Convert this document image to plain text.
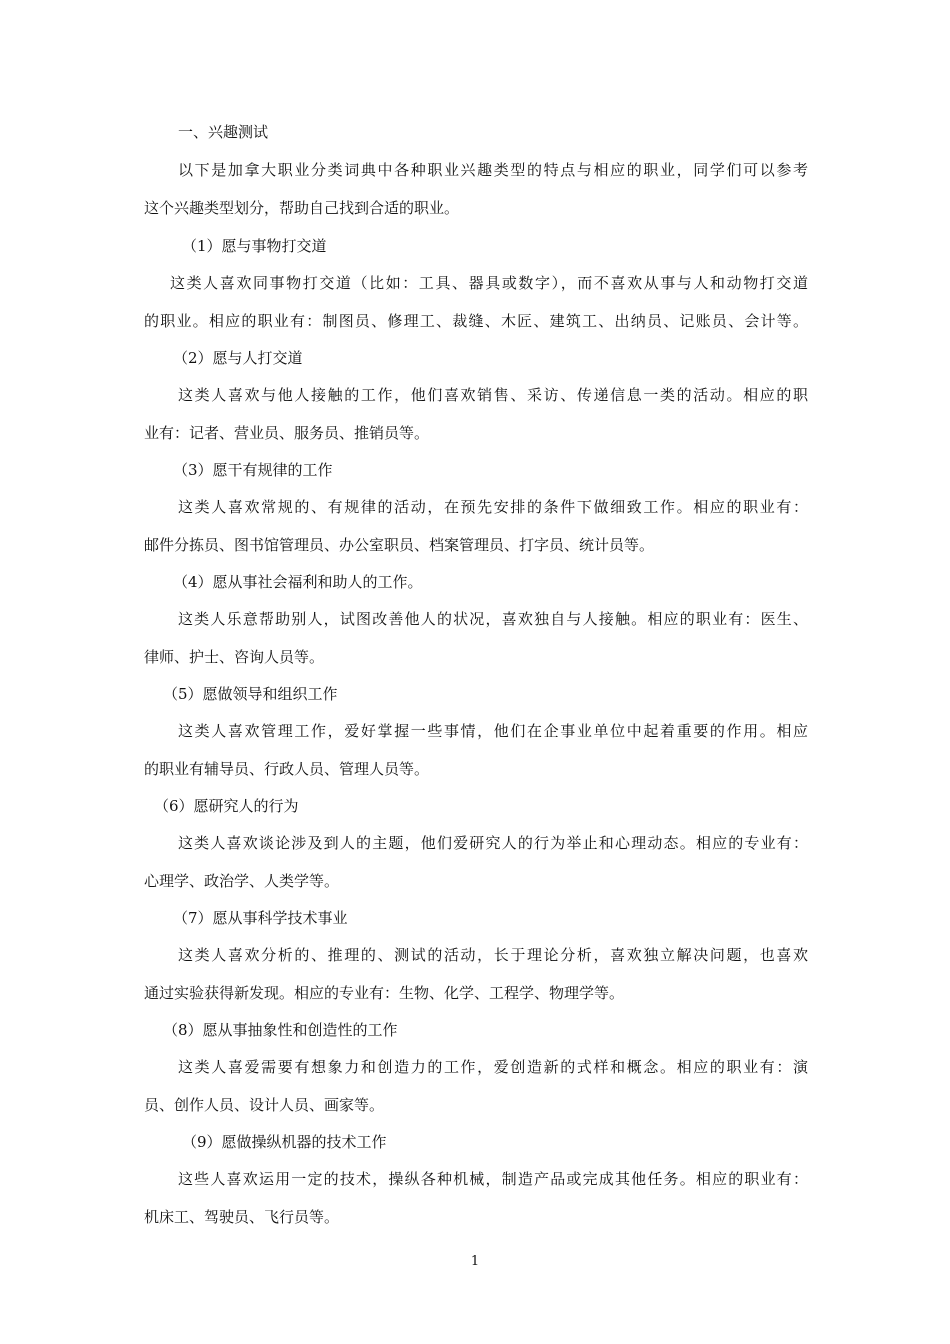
一、兴趣测试
以下是加拿大职业分类词典中各种职业兴趣类型的特点与相应的职业，同学们可以参考
这个兴趣类型划分，帮助自己找到合适的职业。
（1）愿与事物打交道
这类人喜欢同事物打交道（比如：工具、器具或数字），而不喜欢从事与人和动物打交道
的职业。相应的职业有：制图员、修理工、裁缝、木匠、建筑工、出纳员、记账员、会计等。
（2）愿与人打交道
这类人喜欢与他人接触的工作，他们喜欢销售、采访、传递信息一类的活动。相应的职
业有：记者、营业员、服务员、推销员等。
（3）愿干有规律的工作
这类人喜欢常规的、有规律的活动，在预先安排的条件下做细致工作。相应的职业有：
邮件分拣员、图书馆管理员、办公室职员、档案管理员、打字员、统计员等。
（4）愿从事社会福利和助人的工作。
这类人乐意帮助别人，试图改善他人的状况，喜欢独自与人接触。相应的职业有：医生、
律师、护士、咨询人员等。
（5）愿做领导和组织工作
这类人喜欢管理工作，爱好掌握一些事情，他们在企事业单位中起着重要的作用。相应
的职业有辅导员、行政人员、管理人员等。
（6）愿研究人的行为
这类人喜欢谈论涉及到人的主题，他们爱研究人的行为举止和心理动态。相应的专业有：
心理学、政治学、人类学等。
（7）愿从事科学技术事业
这类人喜欢分析的、推理的、测试的活动，长于理论分析，喜欢独立解决问题，也喜欢
通过实验获得新发现。相应的专业有：生物、化学、工程学、物理学等。
（8）愿从事抽象性和创造性的工作
这类人喜爱需要有想象力和创造力的工作，爱创造新的式样和概念。相应的职业有：演
员、创作人员、设计人员、画家等。
（9）愿做操纵机器的技术工作
这些人喜欢运用一定的技术，操纵各种机械，制造产品或完成其他任务。相应的职业有：
机床工、驾驶员、飞行员等。
1
